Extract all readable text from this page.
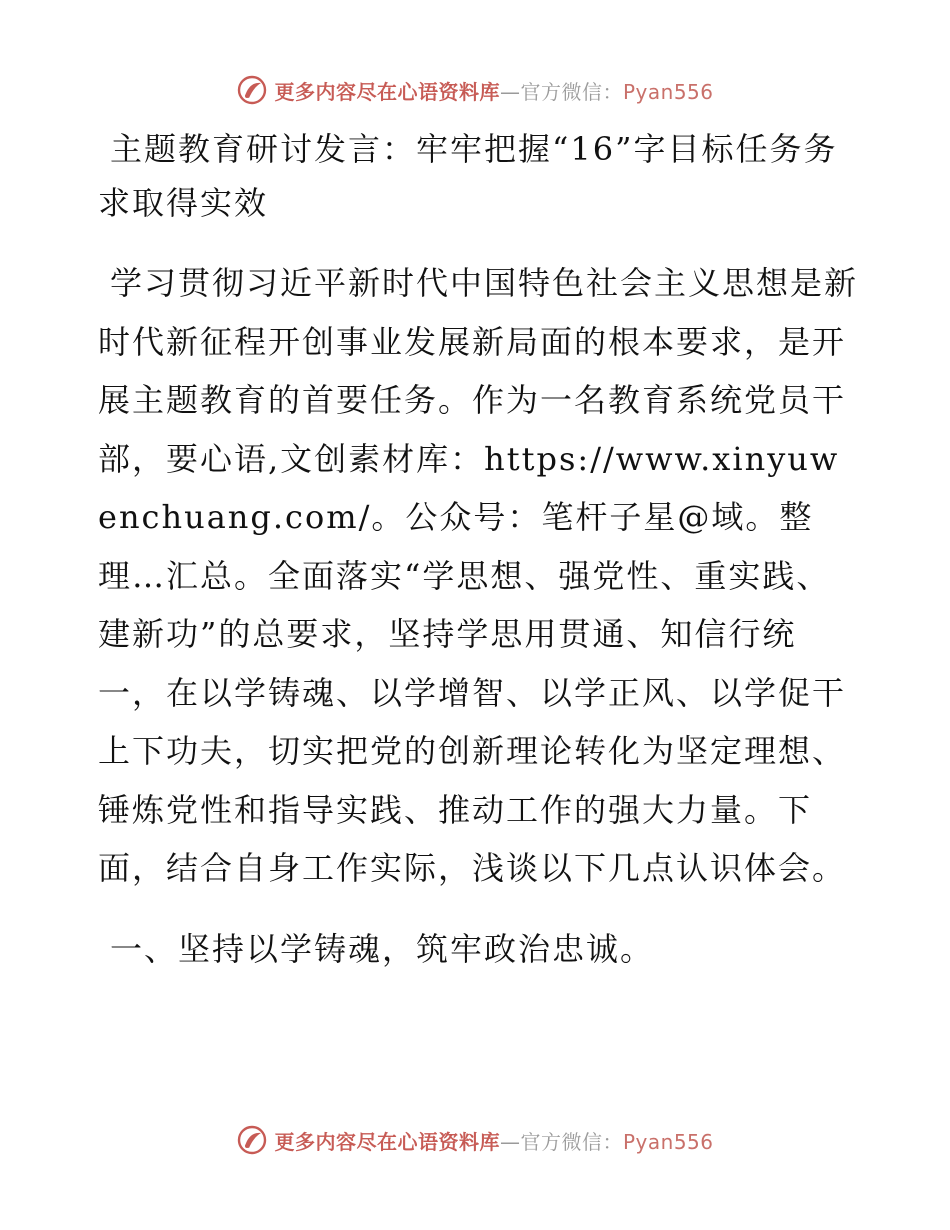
更多内容尽在心语资料库—官方微信：Pyan556
主题教育研讨发言：牢牢把握“16”字目标任务务求取得实效

学习贯彻习近平新时代中国特色社会主义思想是新时代新征程开创事业发展新局面的根本要求，是开展主题教育的首要任务。作为一名教育系统党员干部，要心语,文创素材库：https://www.xinyuwenchuang.com/。公众号：笔杆子星@域。整理…汇总。全面落实“学思想、强党性、重实践、建新功”的总要求，坚持学思用贯通、知信行统一，在以学铸魂、以学增智、以学正风、以学促干上下功夫，切实把党的创新理论转化为坚定理想、锤炼党性和指导实践、推动工作的强大力量。下面，结合自身工作实际，浅谈以下几点认识体会。

一、坚持以学铸魂，筑牢政治忠诚。

更多内容尽在心语资料库—官方微信：Pyan556
